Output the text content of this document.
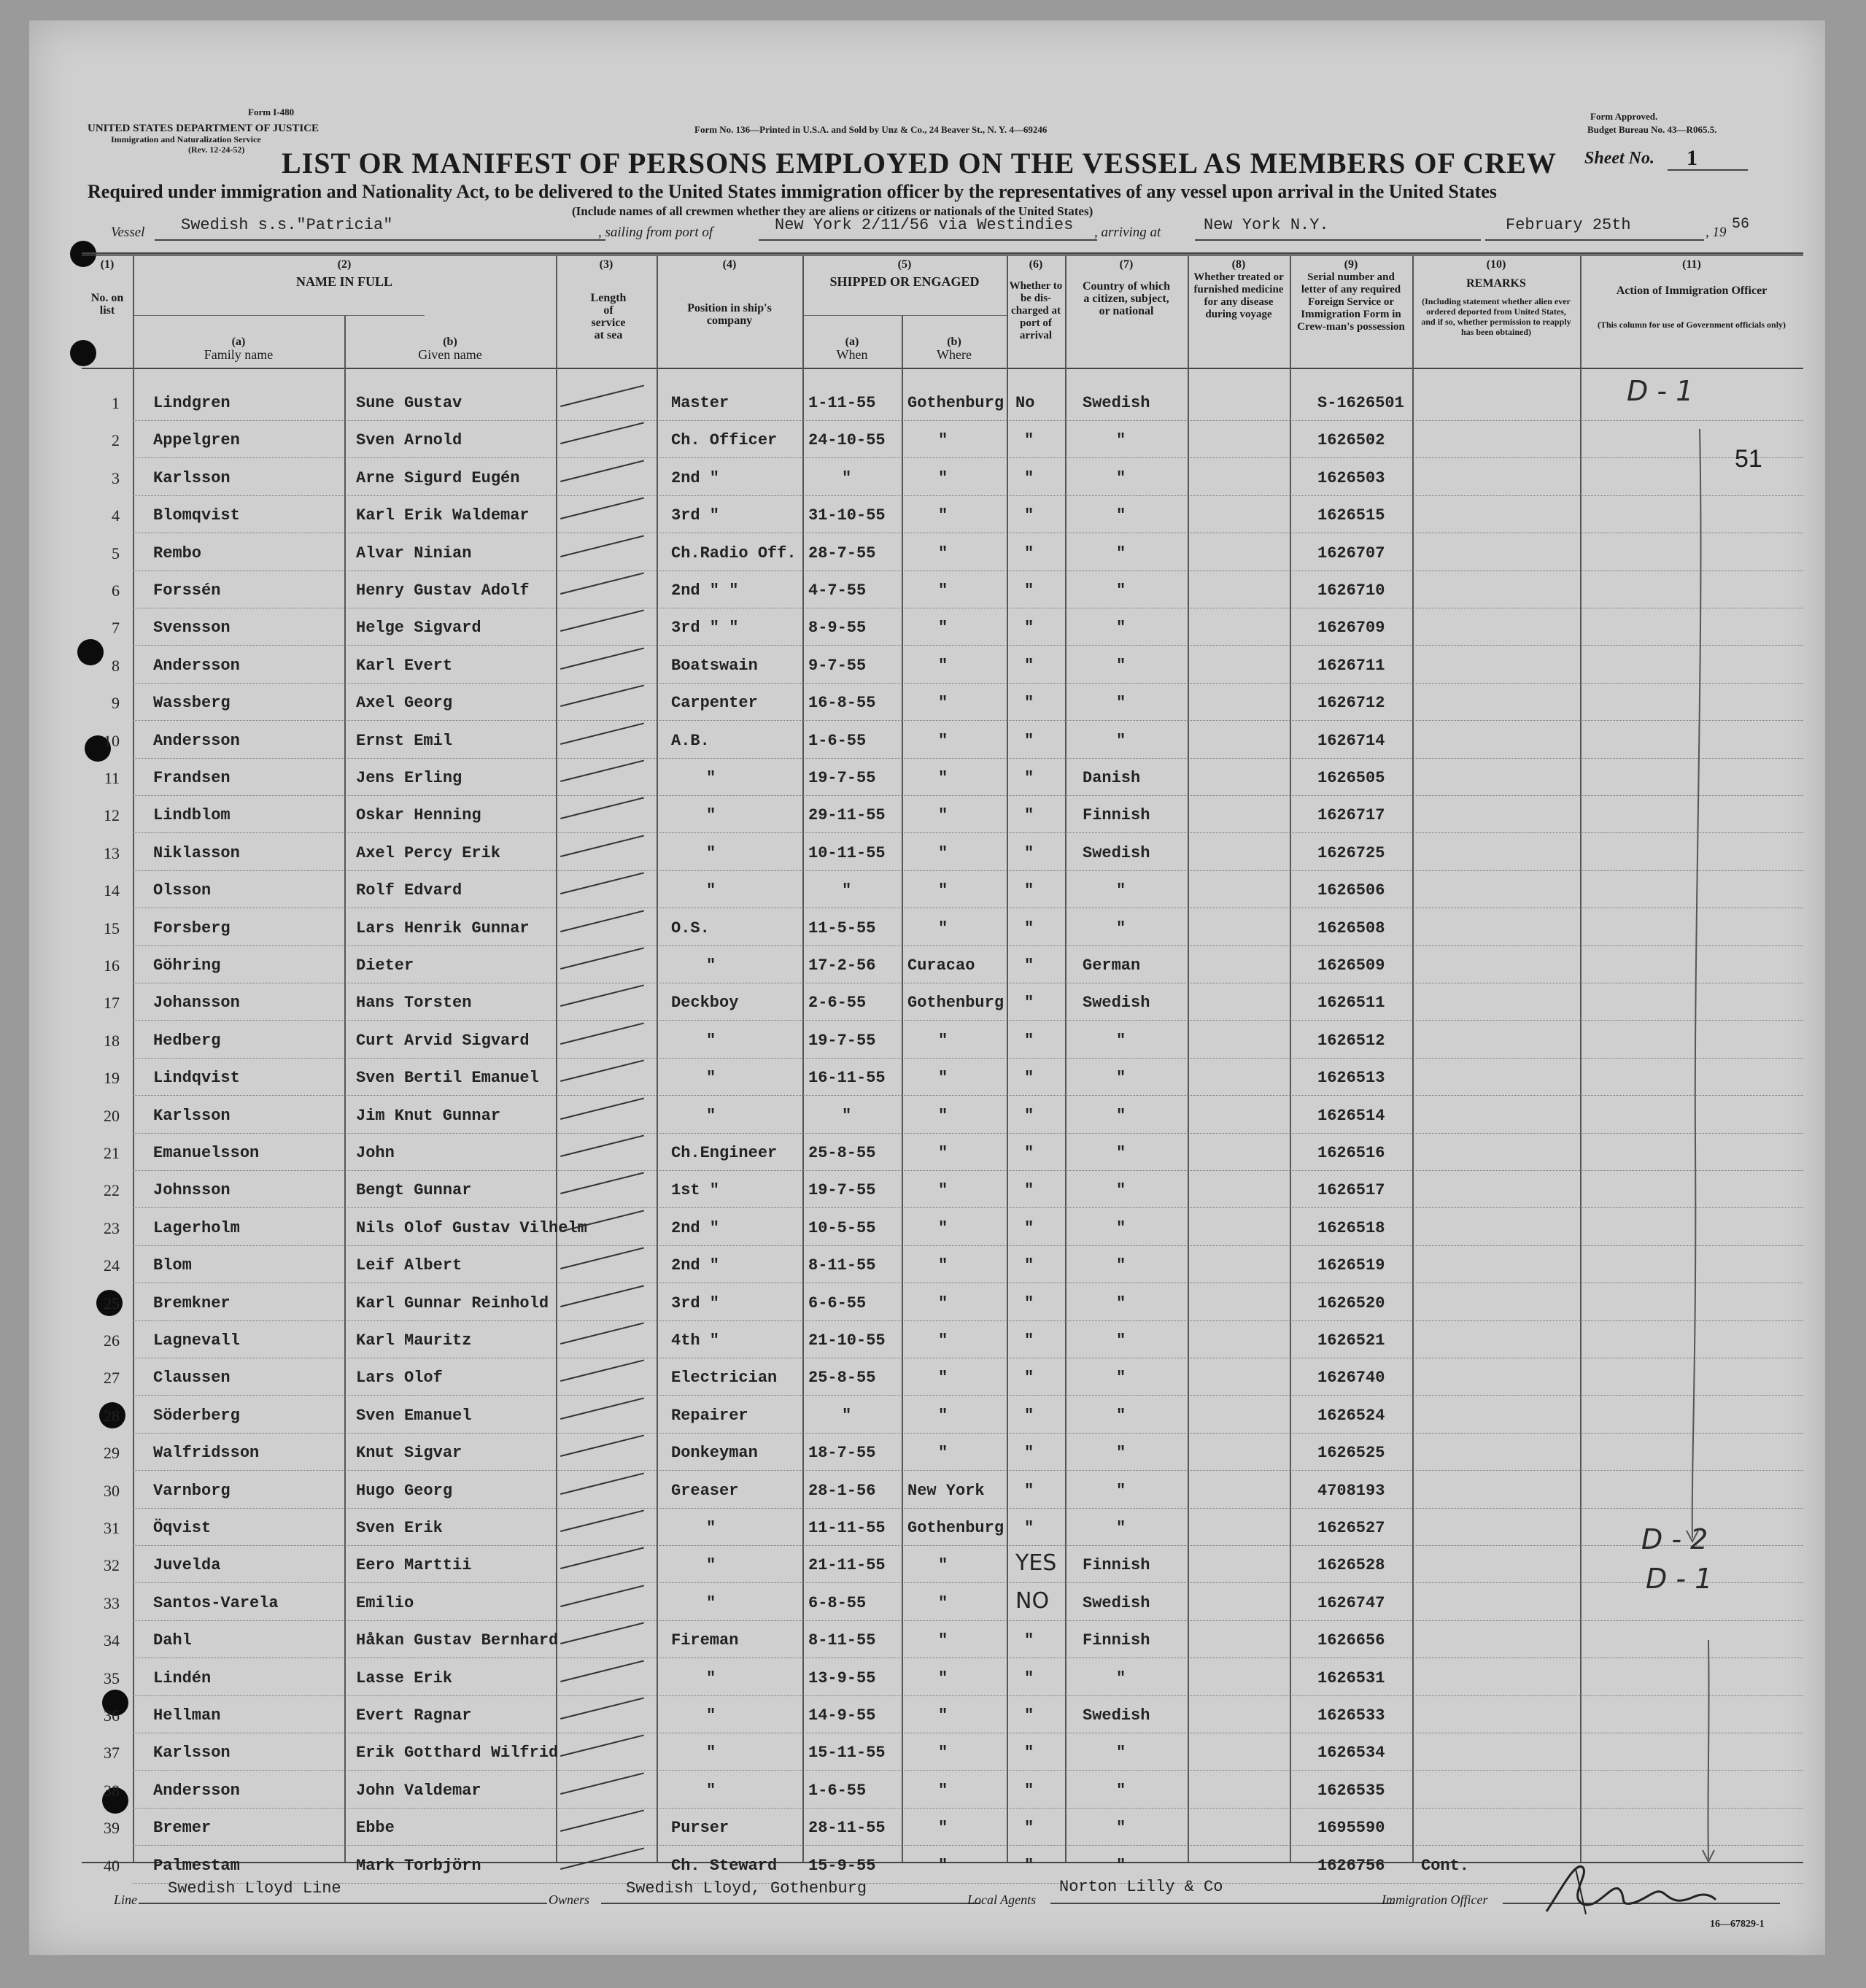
Form I-480
UNITED STATES DEPARTMENT OF JUSTICE
Immigration and Naturalization Service
(Rev. 12-24-52)
Form No. 136—Printed in U.S.A. and Sold by Unz & Co., 24 Beaver St., N. Y. 4—69246
Form Approved.
Budget Bureau No. 43—R065.5.
LIST OR MANIFEST OF PERSONS EMPLOYED ON THE VESSEL AS MEMBERS OF CREW Sheet No. 1
Required under immigration and Nationality Act, to be delivered to the United States immigration officer by the representatives of any vessel upon arrival in the United States
(Include names of all crewmen whether they are aliens or citizens or nationals of the United States)
Vessel Swedish s.s."Patricia"	, sailing from port of	New York 2/11/56 via Westindies , arriving at	New York N.Y.	February 25th	, 19 56
(1)
No. on list
(2)
NAME IN FULL
(a)
Family name
(b)
Given name
(3)
Length of service at sea
(4)
Position in ship's company
(5)
SHIPPED OR ENGAGED
(a)
When
(b)
Where
(6)
Whether to be dis-charged at port of arrival
(7)
Country of which a citizen, subject, or national
(8)
Whether treated or furnished medicine for any disease during voyage
(9)
Serial number and letter of any required Foreign Service or Immigration Form in Crew-man's possession
(10)
REMARKS
(Including statement whether alien ever ordered deported from United States, and if so, whether permission to reapply has been obtained)
(11)
Action of Immigration Officer
(This column for use of Government officials only)
1 Lindgren	Sune Gustav	Master	1-11-55 Gothenburg No	Swedish	S-1626501
2 Appelgren	Sven Arnold	Ch. Officer 24-10-55	"	"	"	1626502
3 Karlsson	Arne Sigurd Eugén	2nd "	"	"	"	"	1626503
4 Blomqvist	Karl Erik Waldemar	3rd "	31-10-55	"	"	"	1626515
5 Rembo	Alvar Ninian	Ch.Radio Off. 28-7-55	"	"	"	1626707
6 Forssén	Henry Gustav Adolf	2nd " "	4-7-55	"	"	"	1626710
7 Svensson	Helge Sigvard	3rd " "	8-9-55	"	"	"	1626709
8 Andersson	Karl Evert	Boatswain	9-7-55	"	"	"	1626711
9 Wassberg	Axel Georg	Carpenter	16-8-55	"	"	"	1626712
10 Andersson	Ernst Emil	A.B.	1-6-55	"	"	"	1626714
11 Frandsen	Jens Erling	"	19-7-55	"	"	Danish	1626505
12 Lindblom	Oskar Henning	"	29-11-55	"	"	Finnish	1626717
13 Niklasson	Axel Percy Erik	"	10-11-55	"	"	Swedish	1626725
14 Olsson	Rolf Edvard	"	"	"	"	"	1626506
15 Forsberg	Lars Henrik Gunnar	O.S.	11-5-55	"	"	"	1626508
16 Göhring	Dieter	"	17-2-56 Curacao	"	German	1626509
17 Johansson	Hans Torsten	Deckboy	2-6-55	Gothenburg "	Swedish	1626511
18 Hedberg	Curt Arvid Sigvard	"	19-7-55	"	"	"	1626512
19 Lindqvist	Sven Bertil Emanuel	"	16-11-55	"	"	"	1626513
20 Karlsson	Jim Knut Gunnar	"	"	"	"	"	1626514
21 Emanuelsson	John	Ch.Engineer 25-8-55	"	"	"	1626516
22 Johnsson	Bengt Gunnar	1st "	19-7-55	"	"	"	1626517
23 Lagerholm	Nils Olof Gustav Vilhelm	2nd "	10-5-55	"	"	"	1626518
24 Blom	Leif Albert	2nd "	8-11-55	"	"	"	1626519
25 Bremkner	Karl Gunnar Reinhold	3rd "	6-6-55	"	"	"	1626520
26 Lagnevall	Karl Mauritz	4th "	21-10-55	"	"	"	1626521
27 Claussen	Lars Olof	Electrician 25-8-55	"	"	"	1626740
28 Söderberg	Sven Emanuel	Repairer	"	"	"	"	1626524
29 Walfridsson	Knut Sigvar	Donkeyman	18-7-55	"	"	"	1626525
30 Varnborg	Hugo Georg	Greaser	28-1-56 New York "	"	4708193
31 Öqvist	Sven Erik	"	11-11-55 Gothenburg "	"	1626527
32 Juvelda	Eero Marttii	"	21-11-55	"	YES Finnish	1626528
33 Santos-Varela	Emilio	"	6-8-55	"	NO Swedish	1626747
34 Dahl	Håkan Gustav Bernhard	Fireman	8-11-55	"	"	Finnish	1626656
35 Lindén	Lasse Erik	"	13-9-55	"	"	"	1626531
36 Hellman	Evert Ragnar	"	14-9-55	"	"	Swedish	1626533
37 Karlsson	Erik Gotthard Wilfrid	"	15-11-55	"	"	"	1626534
38 Andersson	John Valdemar	"	1-6-55	"	"	"	1626535
39 Bremer	Ebbe	Purser	28-11-55	"	"	"	1695590
40 Palmestam	Mark Torbjörn	Ch. Steward 15-9-55	"	"	"	1626756 Cont.
D - 1
D - 2
D - 1
51
Line
Swedish Lloyd Line
Owners
Swedish Lloyd, Gothenburg
Local Agents
Norton Lilly & Co
Immigration Officer
16—67829-1
